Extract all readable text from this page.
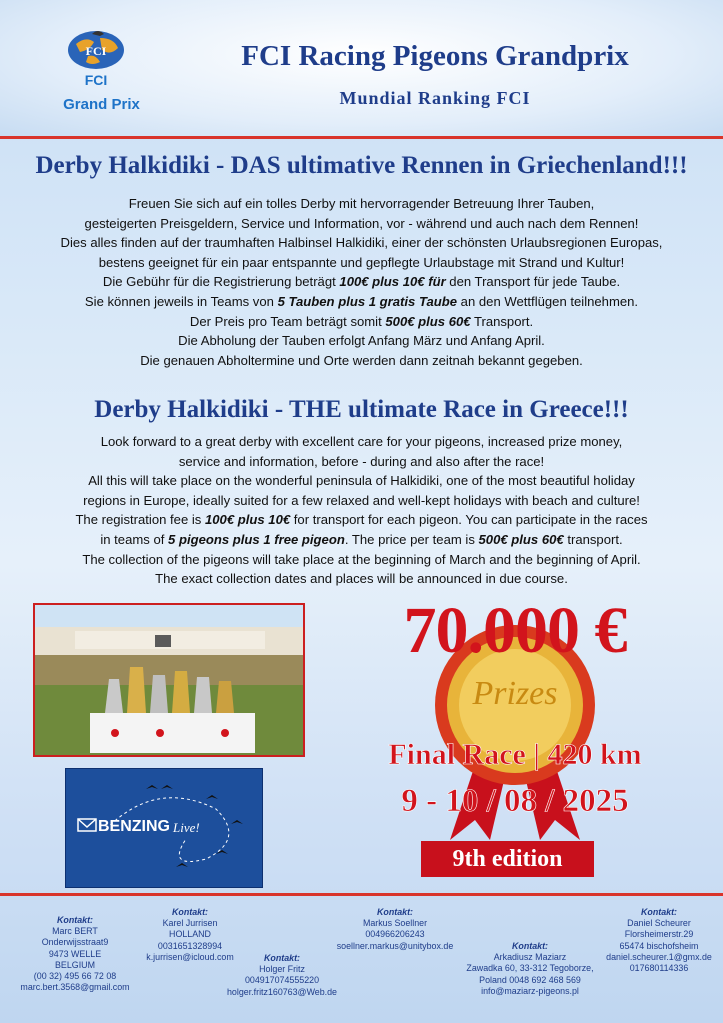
FCI
FCI
Grand Prix
FCI Racing Pigeons Grandprix
Mundial Ranking FCI
Derby Halkidiki - DAS ultimative Rennen in Griechenland!!!
Freuen Sie sich auf ein tolles Derby mit hervorragender Betreuung Ihrer Tauben,
gesteigerten Preisgeldern, Service und Information, vor - während und auch nach dem Rennen!
Dies alles finden auf der traumhaften Halbinsel Halkidiki, einer der schönsten Urlaubsregionen Europas,
bestens geeignet für ein paar entspannte und gepflegte Urlaubstage mit Strand und Kultur!
Die Gebühr für die Registrierung beträgt 100€ plus 10€ für den Transport für jede Taube.
Sie können jeweils in Teams von 5 Tauben plus 1 gratis Taube an den Wettflügen teilnehmen.
Der Preis pro Team beträgt somit 500€ plus 60€ Transport.
Die Abholung der Tauben erfolgt Anfang März und Anfang April.
Die genauen Abholtermine und Orte werden dann zeitnah bekannt gegeben.
Derby Halkidiki - THE ultimate Race in Greece!!!
Look forward to a great derby with excellent care for your pigeons, increased prize money,
service and information, before - during and also after the race!
All this will take place on the wonderful peninsula of Halkidiki, one of the most beautiful holiday
regions in Europe, ideally suited for a few relaxed and well-kept holidays with beach and culture!
The registration fee is 100€ plus 10€ for transport for each pigeon. You can participate in the races
in teams of 5 pigeons plus 1 free pigeon. The price per team is 500€ plus 60€ transport.
The collection of the pigeons will take place at the beginning of March and the beginning of April.
The exact collection dates and places will be announced in due course.
BENZING Live!
70.000 €
Prizes
Final Race | 420 km
9 - 10 / 08 / 2025
9th edition
Kontakt:
Marc BERT
Onderwijsstraat9
9473 WELLE
BELGIUM
(00 32) 495 66 72 08
marc.bert.3568@gmail.com
Kontakt:
Karel Jurrisen
HOLLAND
0031651328994
k.jurrisen@icloud.com	Kontakt:
Holger Fritz
004917074555220
holger.fritz160763@Web.de
Kontakt:
Markus Soellner
004966206243
soellner.markus@unitybox.de	Kontakt:
Arkadiusz Maziarz
Zawadka 60, 33-312 Tegoborze,
Poland 0048 692 468 569
info@maziarz-pigeons.pl
Kontakt:
Daniel Scheurer
Florsheimerstr.29
65474 bischofsheim
daniel.scheurer.1@gmx.de
017680114336
